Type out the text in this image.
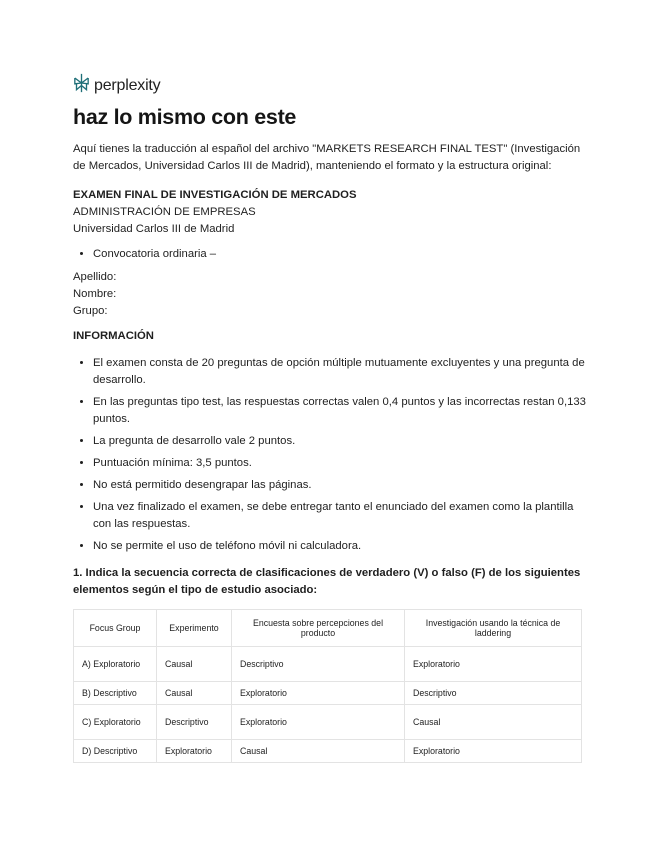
perplexity
haz lo mismo con este

Aquí tienes la traducción al español del archivo "MARKETS RESEARCH FINAL TEST" (Investigación de Mercados, Universidad Carlos III de Madrid), manteniendo el formato y la estructura original:

EXAMEN FINAL DE INVESTIGACIÓN DE MERCADOS

ADMINISTRACIÓN DE EMPRESAS

Universidad Carlos III de Madrid

• Convocatoria ordinaria –

Apellido:

Nombre:

Grupo:

INFORMACIÓN

• El examen consta de 20 preguntas de opción múltiple mutuamente excluyentes y una pregunta de desarrollo.
• En las preguntas tipo test, las respuestas correctas valen 0,4 puntos y las incorrectas restan 0,133 puntos.
• La pregunta de desarrollo vale 2 puntos.
• Puntuación mínima: 3,5 puntos.
• No está permitido desengrapar las páginas.
• Una vez finalizado el examen, se debe entregar tanto el enunciado del examen como la plantilla con las respuestas.
• No se permite el uso de teléfono móvil ni calculadora.

1. Indica la secuencia correcta de clasificaciones de verdadero (V) o falso (F) de los siguientes elementos según el tipo de estudio asociado:

Focus Group	Experimento	Encuesta sobre percepciones del producto	Investigación usando la técnica de laddering
A) Exploratorio	Causal	Descriptivo	Exploratorio
B) Descriptivo	Causal	Exploratorio	Descriptivo
C) Exploratorio	Descriptivo	Exploratorio	Causal
D) Descriptivo	Exploratorio	Causal	Exploratorio
